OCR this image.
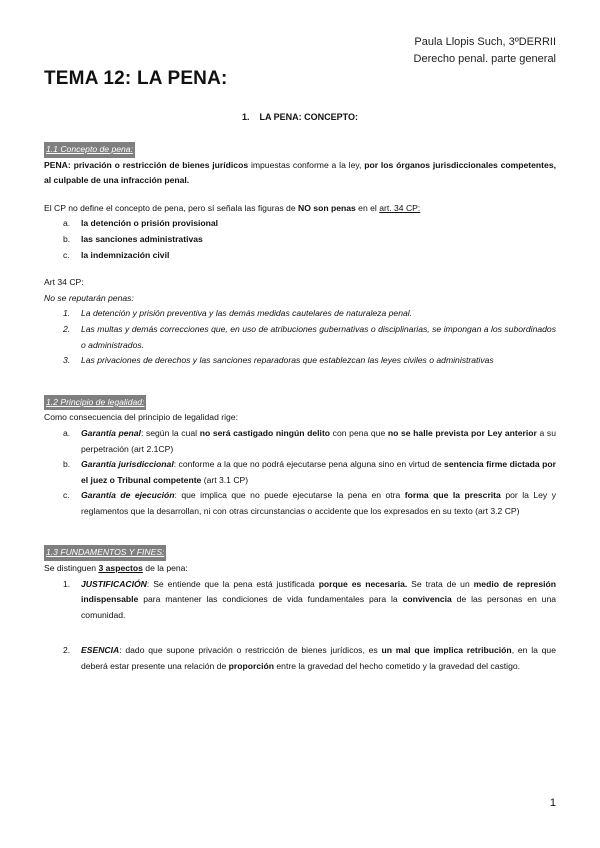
Paula Llopis Such, 3ºDERRII
Derecho penal. parte general
TEMA 12: LA PENA:
1. LA PENA: CONCEPTO:
1.1 Concepto de pena:

PENA: privación o restricción de bienes jurídicos impuestas conforme a la ley, por los órganos jurisdiccionales competentes, al culpable de una infracción penal.

El CP no define el concepto de pena, pero sí señala las figuras de NO son penas en el art. 34 CP:

a. la detención o prisión provisional
b. las sanciones administrativas
c. la indemnización civil

Art 34 CP:

No se reputarán penas:

1. La detención y prisión preventiva y las demás medidas cautelares de naturaleza penal.
2. Las multas y demás correcciones que, en uso de atribuciones gubernativas o disciplinarias, se impongan a los subordinados o administrados.
3. Las privaciones de derechos y las sanciones reparadoras que establezcan las leyes civiles o administrativas
1.2 Principio de legalidad:

Como consecuencia del principio de legalidad rige:

a. Garantía penal: según la cual no será castigado ningún delito con pena que no se halle prevista por Ley anterior a su perpetración (art 2.1CP)
b. Garantía jurisdiccional: conforme a la que no podrá ejecutarse pena alguna sino en virtud de sentencia firme dictada por el juez o Tribunal competente (art 3.1 CP)
c. Garantía de ejecución: que implica que no puede ejecutarse la pena en otra forma que la prescrita por la Ley y reglamentos que la desarrollan, ni con otras circunstancias o accidente que los expresados en su texto (art 3.2 CP)
1.3 FUNDAMENTOS Y FINES:

Se distinguen 3 aspectos de la pena:

1. JUSTIFICACIÓN: Se entiende que la pena está justificada porque es necesaria. Se trata de un medio de represión indispensable para mantener las condiciones de vida fundamentales para la convivencia de las personas en una comunidad.
2. ESENCIA: dado que supone privación o restricción de bienes jurídicos, es un mal que implica retribución, en la que deberá estar presente una relación de proporción entre la gravedad del hecho cometido y la gravedad del castigo.
1
